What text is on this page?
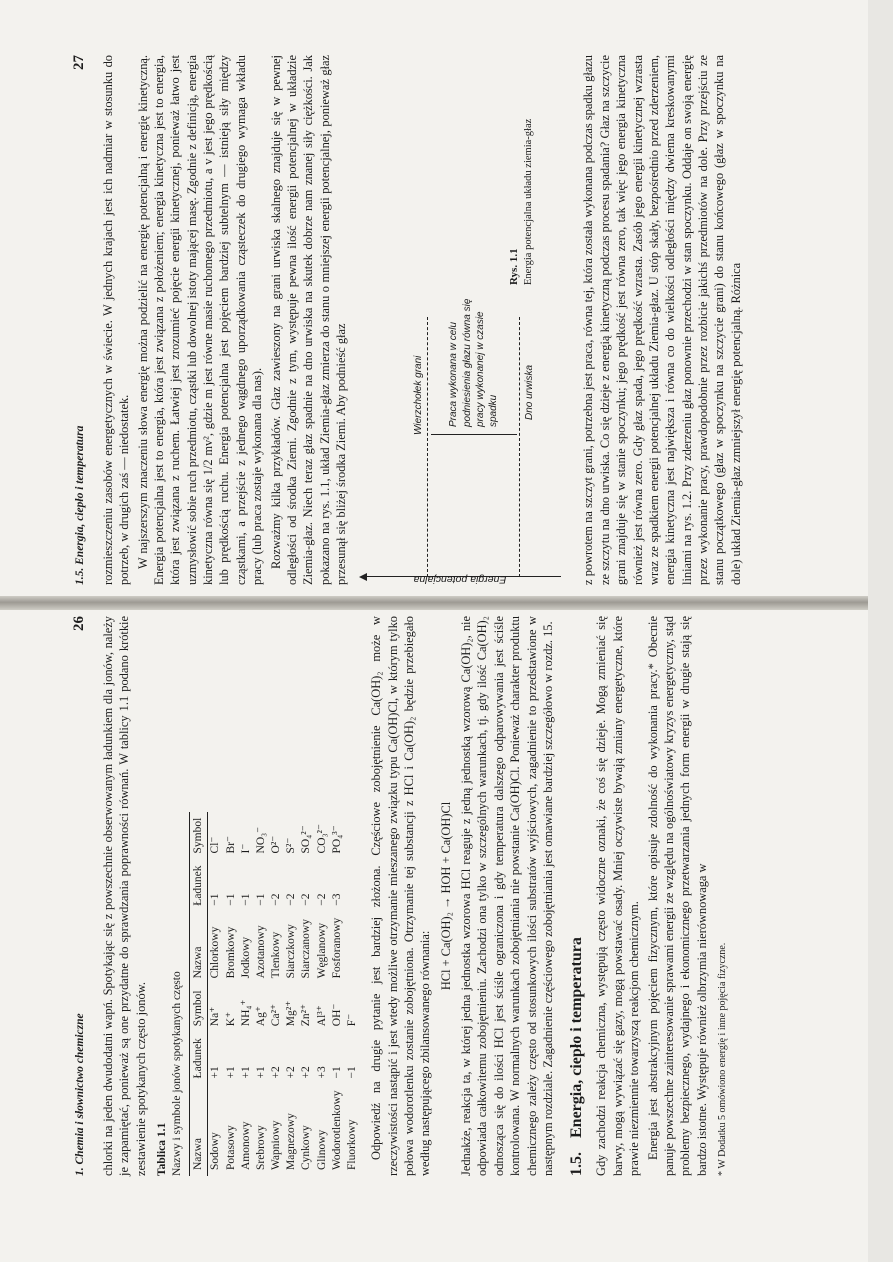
1.5. Energia, ciepło i temperatura
27 rozmieszczeniu zasobów energetycznych w świecie. W jednych krajach jest ich nadmiar w stosunku do potrzeb, w drugich zaś — niedostatek. W najszerszym znaczeniu słowa energię można podzielić na energię potencjalną i energię kinetyczną. Energia potencjalna jest to energia, która jest związana z położeniem; energia kinetyczna jest to energia, która jest związana z ruchem. Łatwiej jest zrozumieć pojęcie energii kinetycznej, ponieważ łatwo jest uzmysłowić sobie ruch przedmiotu, cząstki lub dowolnej istoty mającej masę. Zgodnie z definicją, energia kinetyczna równa się 1/2 mv², gdzie m jest równe masie ruchomego przedmiotu, a v jest jego prędkością lub prędkością ruchu. Energia potencjalna jest pojęciem bardziej subtelnym — istnieją siły między cząstkami, a przejście z jednego wągdnego uporządkowania cząsteczek do drugiego wymaga wkładu pracy (lub praca zostaje wykonana dla nas). Rozważmy kilka przykładów. Głaz zawieszony na grani urwiska skalnego znajduje się w pewnej odległości od środka Ziemi. Zgodnie z tym, występuje pewna ilość energii potencjalnej w układzie Ziemia-głaz. Niech teraz głaz spadnie na dno urwiska na skutek dobrze nam znanej siły ciężkości. Jak pokazano na rys. 1.1, układ Ziemia-głaz zmierza do stanu o mniejszej energii potencjalnej, ponieważ głaz przesunął się bliżej środka Ziemi. Aby podnieść głaz	Energia potencjalna
Wierzchołek grani	Dno urwiska
Praca wykonana w celu podniesienia głazu równa się pracy wykonanej w czasie spadku
Rys. 1.1 Energia potencjalna układu ziemia-głaz	z powrotem na szczyt grani, potrzebna jest praca, równa tej, która została wykonana podczas spadku głazu ze szczytu na dno urwiska. Co się dzieje z energią kinetyczną podczas procesu spadania? Głaz na szczycie grani znajduje się w stanie spoczynku; jego prędkość jest równa zero, tak więc jego energia kinetyczna również jest równa zero. Gdy głaz spada, jego prędkość wzrasta. Zasób jego energii kinetycznej wzrasta wraz ze spadkiem energii potencjalnej układu Ziemia-głaz. U stóp skały, bezpośrednio przed zderzeniem, energia kinetyczna jest największa i równa co do wielkości odległości między dwiema kreskowanymi liniami na rys. 1.2. Przy zderzeniu głaz ponownie przechodzi w stan spoczynku. Oddaje on swoją energię przez wykonanie pracy, prawdopodobnie przez rozbicie jakichś przedmiotów na dole. Przy przejściu ze stanu początkowego (głaz w spoczynku na szczycie grani) do stanu końcowego (głaz w spoczynku na dole) układ Ziemia-głaz zmniejszył energię potencjalną. Różnica

1. Chemia i słownictwo chemiczne
26 chlorki na jeden dwudodatni wapń. Spotykając się z powszechnie obserwowanym ładunkiem dla jonów, należy je zapamiętać, ponieważ są one przydatne do sprawdzania poprawności równań. W tablicy 1.1 podano krótkie zestawienie spotykanych często jonów. Tablica 1.1 Nazwy i symbole jonów spotykanych często Nazwa	Ładunek	Symbol	Nazwa	Ładunek	Symbol
Sodowy	+1	Na⁺	Chlorkowy	−1	Cl⁻
Potasowy	+1	K⁺	Bromkowy	−1	Br⁻
Amonowy	+1	NH₄⁺	Jodkowy	−1	I⁻
Srebrowy	+1	Ag⁺	Azotanowy	−1	NO₃⁻
Wapniowy	+2	Ca²⁺	Tlenkowy	−2	O²⁻
Magnezowy	+2	Mg²⁺	Siarczkowy	−2	S²⁻
Cynkowy	+2	Zn²⁺	Siarczanowy	−2	SO₄²⁻
Glinowy	+3	Al³⁺	Węglanowy	−2	CO₃²⁻
Wodorotlenkowy	−1	OH⁻	Fosforanowy	−3	PO₄³⁻
Fluorkowy	−1	F⁻			Odpowiedź na drugie pytanie jest bardziej złożona. Częściowe zobojętnienie Ca(OH)₂ może w rzeczywistości nastąpić i jest wtedy możliwe otrzymanie mieszanego związku typu Ca(OH)Cl, w którym tylko połowa wodorotlenku zostanie zobojętniona. Otrzymanie tej substancji z HCl i Ca(OH)₂ będzie przebiegało według następującego zbilansowanego równania:

HCl + Ca(OH)₂ → HOH + Ca(OH)Cl Jednakże, reakcja ta, w której jedna jednostka wzorowa HCl reaguje z jedną jednostką wzorową Ca(OH)₂, nie odpowiada całkowitemu zobojętnieniu. Zachodzi ona tylko w szczególnych warunkach, tj. gdy ilość Ca(OH)₂ odnosząca się do ilości HCl jest ściśle ograniczona i gdy temperatura dalszego odparowywania jest ściśle kontrolowana. W normalnych warunkach zobojętniania nie powstanie Ca(OH)Cl. Ponieważ charakter produktu chemicznego zależy często od stosunkowych ilości substratów wyjściowych, zagadnienie to przedstawione w następnym rozdziale. Zagadnienie częściowego zobojętniania jest omawiane bardziej szczegółowo w rozdz. 15. 1.5.Energia, ciepło i temperatura Gdy zachodzi reakcja chemiczna, występują często widoczne oznaki, że coś się dzieje. Mogą zmieniać się barwy, mogą wywiązać się gazy, mogą powstawać osady. Mniej oczywiste bywają zmiany energetyczne, które prawie niezmiennie towarzyszą reakcjom chemicznym. Energia jest abstrakcyjnym pojęciem fizycznym, które opisuje zdolność do wykonania pracy.* Obecnie panuje powszechne zainteresowanie sprawami energii ze względu na ogólnoświatowy kryzys energetyczny, stąd problemy bezpiecznego, wydajnego i ekonomicznego przetwarzania jednych form energii w drugie stają się bardzo istotne. Występuje również olbrzymia nierównowaga w * W Dodatku 5 omówiono energię i inne pojęcia fizyczne.
